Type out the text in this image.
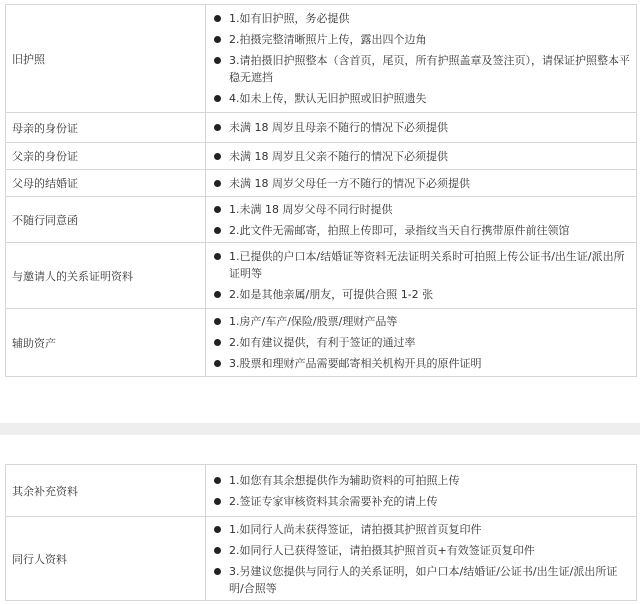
旧护照	1.如有旧护照，务必提供
2.拍摄完整清晰照片上传，露出四个边角
3.请拍摄旧护照整本（含首页，尾页，所有护照盖章及签注页），请保证护照整本平稳无遮挡
4.如未上传，默认无旧护照或旧护照遗失

母亲的身份证	未满 18 周岁且母亲不随行的情况下必须提供

父亲的身份证	未满 18 周岁且父亲不随行的情况下必须提供

父母的结婚证	未满 18 周岁父母任一方不随行的情况下必须提供

不随行同意函	1.未满 18 周岁父母不同行时提供
2.此文件无需邮寄，拍照上传即可，录指纹当天自行携带原件前往领馆

与邀请人的关系证明资料	1.已提供的户口本/结婚证等资料无法证明关系时可拍照上传公证书/出生证/派出所证明等
2.如是其他亲属/朋友，可提供合照 1-2 张

辅助资产	1.房产/车产/保险/股票/理财产品等
2.如有建议提供，有利于签证的通过率
3.股票和理财产品需要邮寄相关机构开具的原件证明
其余补充资料	1.如您有其余想提供作为辅助资料的可拍照上传
2.签证专家审核资料其余需要补充的请上传

同行人资料	1.如同行人尚未获得签证，请拍摄其护照首页复印件
2.如同行人已获得签证，请拍摄其护照首页+有效签证页复印件
3.另建议您提供与同行人的关系证明，如户口本/结婚证/公证书/出生证/派出所证明/合照等
